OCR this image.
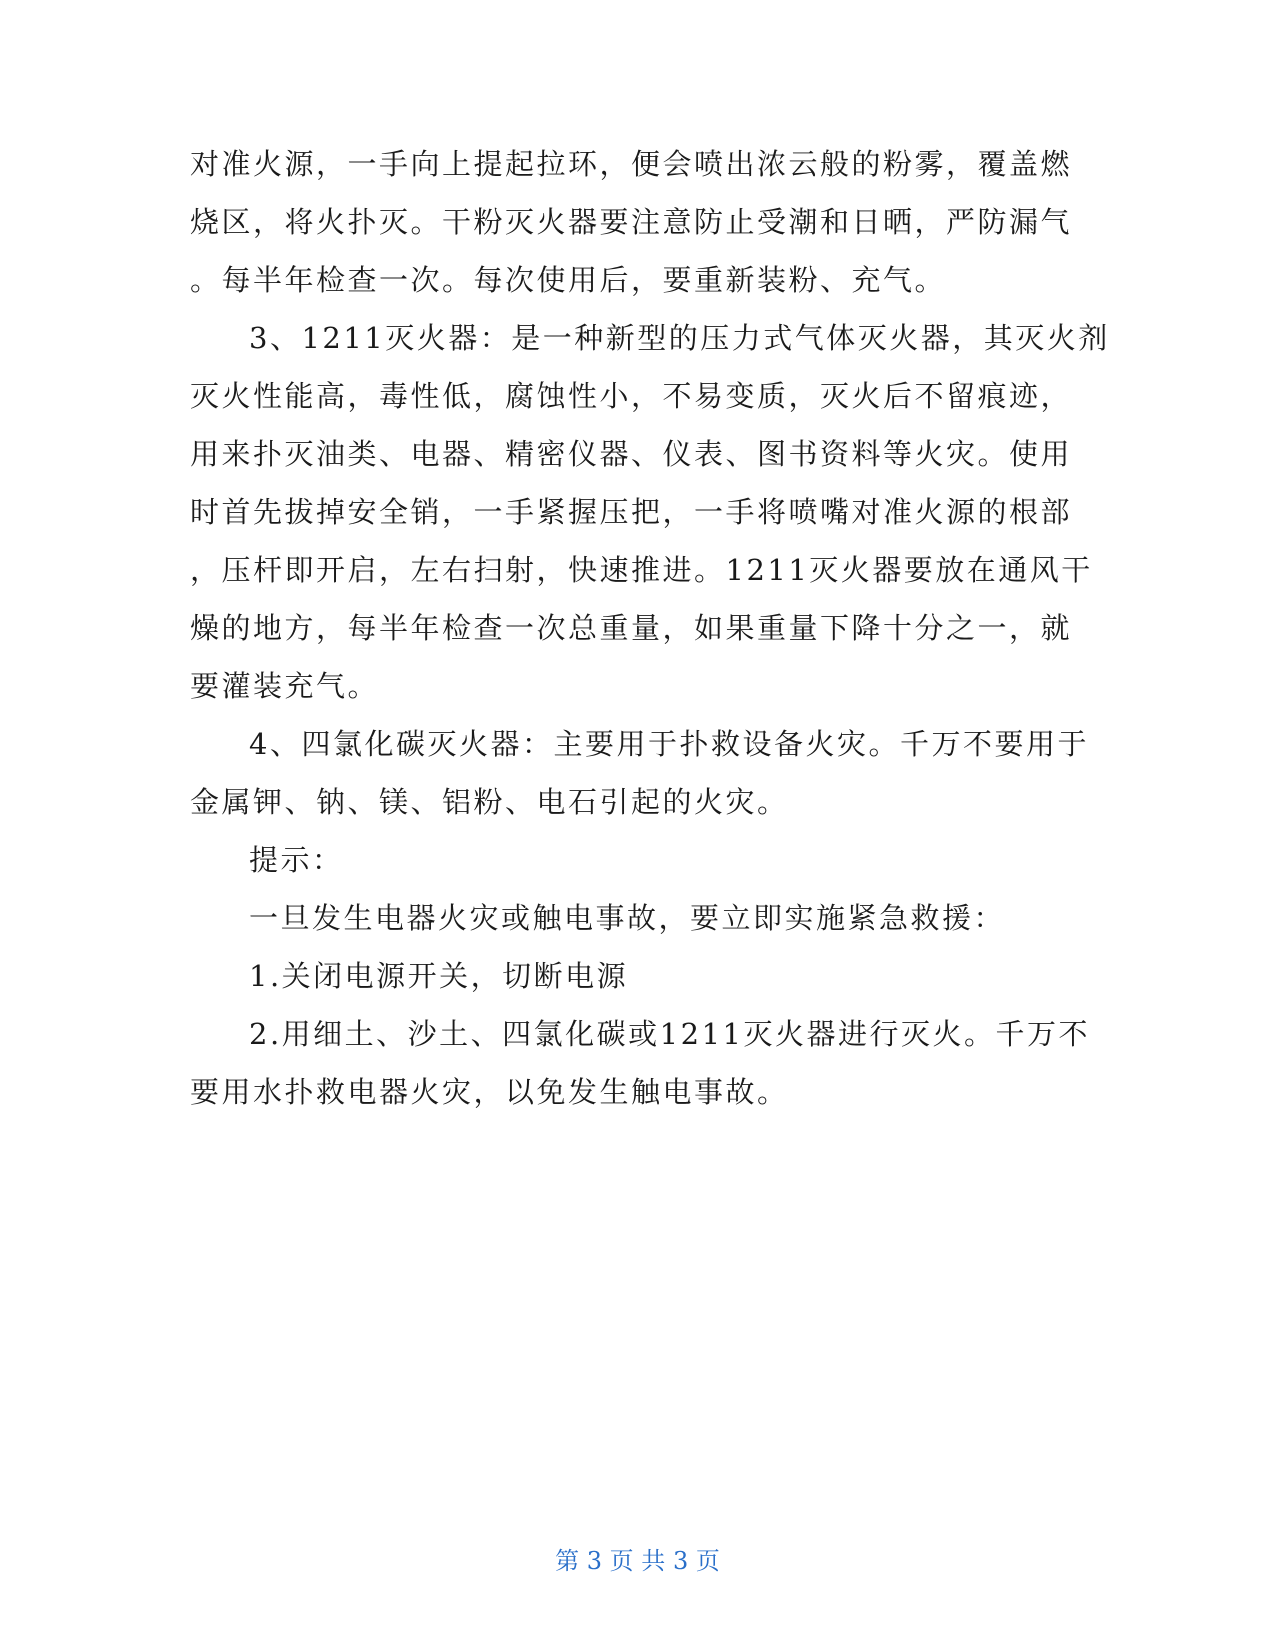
对准火源，一手向上提起拉环，便会喷出浓云般的粉雾，覆盖燃
烧区，将火扑灭。干粉灭火器要注意防止受潮和日晒，严防漏气
。每半年检查一次。每次使用后，要重新装粉、充气。
3、1211灭火器：是一种新型的压力式气体灭火器，其灭火剂
灭火性能高，毒性低，腐蚀性小，不易变质，灭火后不留痕迹，
用来扑灭油类、电器、精密仪器、仪表、图书资料等火灾。使用
时首先拔掉安全销，一手紧握压把，一手将喷嘴对准火源的根部
，压杆即开启，左右扫射，快速推进。1211灭火器要放在通风干
燥的地方，每半年检查一次总重量，如果重量下降十分之一，就
要灌装充气。
4、四氯化碳灭火器：主要用于扑救设备火灾。千万不要用于
金属钾、钠、镁、铝粉、电石引起的火灾。
提示：
一旦发生电器火灾或触电事故，要立即实施紧急救援：
1.关闭电源开关，切断电源
2.用细土、沙土、四氯化碳或1211灭火器进行灭火。千万不
要用水扑救电器火灾，以免发生触电事故。
第 3 页 共 3 页
